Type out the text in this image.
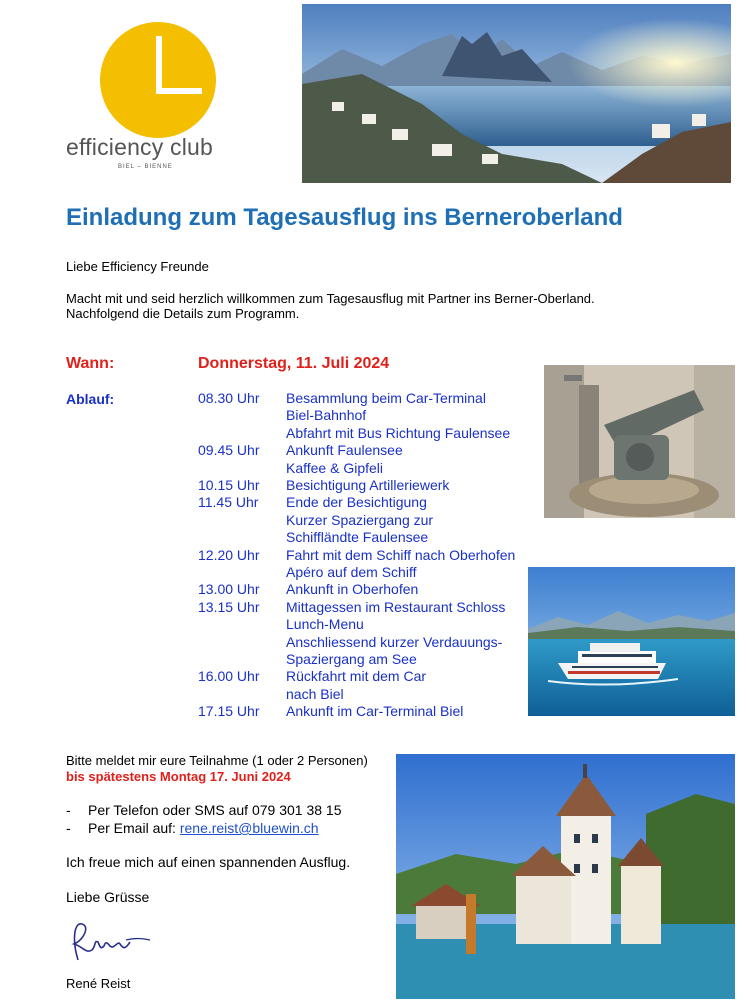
efficiency club
BIEL – BIENNE
Einladung zum Tagesausflug ins Berneroberland
Liebe Efficiency Freunde
Macht mit und seid herzlich willkommen zum Tagesausflug mit Partner ins Berner-Oberland.
Nachfolgend die Details zum Programm.
Wann:	Donnerstag, 11. Juli 2024
Ablauf:	08.30 Uhr Besammlung beim Car-Terminal
Biel-Bahnhof
Abfahrt mit Bus Richtung Faulensee
09.45 Uhr Ankunft Faulensee
Kaffee & Gipfeli
10.15 Uhr Besichtigung Artilleriewerk
11.45 Uhr Ende der Besichtigung
Kurzer Spaziergang zur
Schiffländte Faulensee
12.20 Uhr Fahrt mit dem Schiff nach Oberhofen
Apéro auf dem Schiff
13.00 Uhr Ankunft in Oberhofen
13.15 Uhr Mittagessen im Restaurant Schloss
Lunch-Menu
Anschliessend kurzer Verdauungs-
Spaziergang am See
16.00 Uhr Rückfahrt mit dem Car
nach Biel
17.15 Uhr Ankunft im Car-Terminal Biel
Bitte meldet mir eure Teilnahme (1 oder 2 Personen)
bis spätestens Montag 17. Juni 2024
- Per Telefon oder SMS auf 079 301 38 15
- Per Email auf: rene.reist@bluewin.ch
Ich freue mich auf einen spannenden Ausflug.
Liebe Grüsse
René Reist
